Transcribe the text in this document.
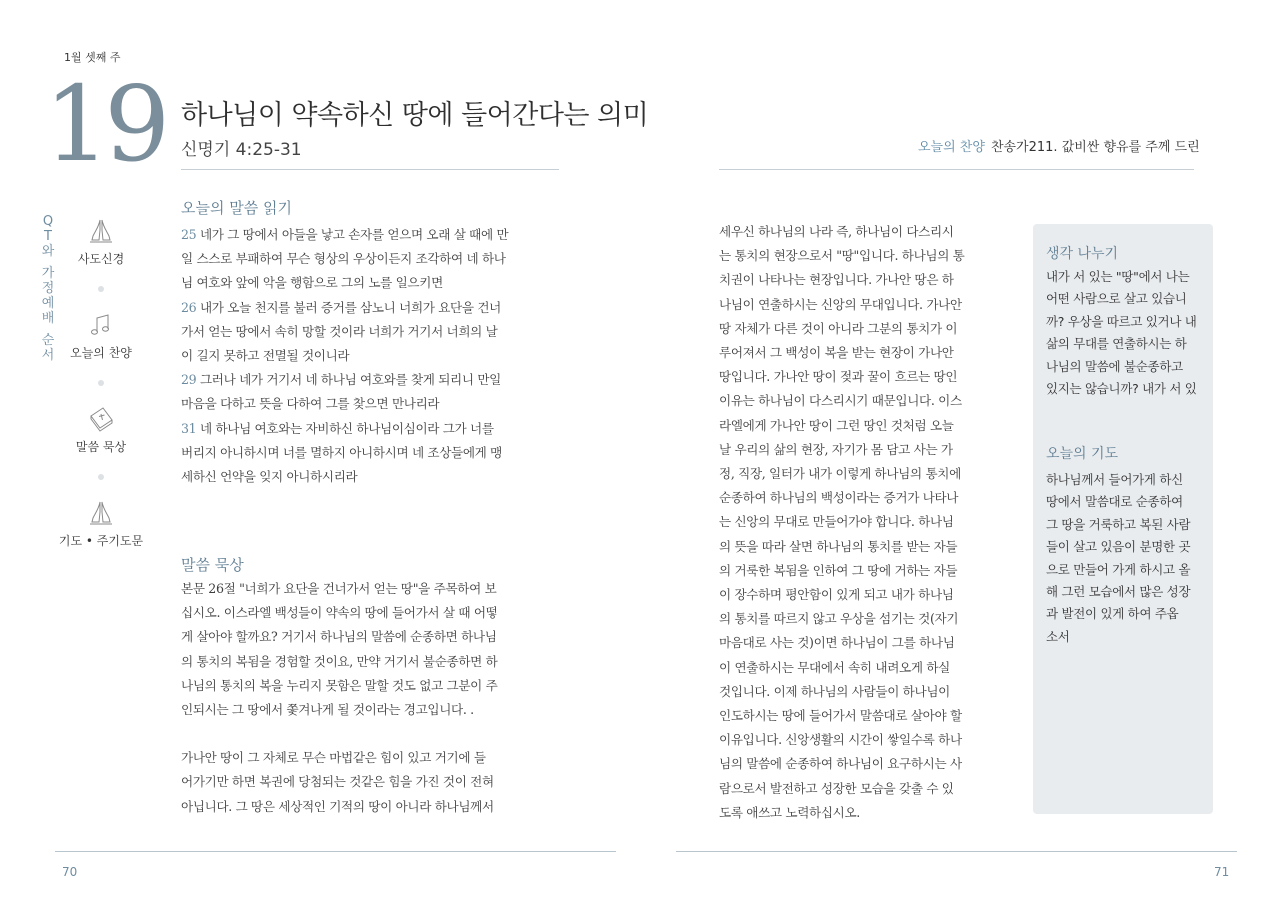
1월 셋째 주
19 하나님이 약속하신 땅에 들어간다는 의미
신명기 4:25-31
Q
T
와
가
정
예
배
순
서
사도신경
오늘의 찬양
말씀 묵상
기도 • 주기도문
오늘의 말씀 읽기

25 네가 그 땅에서 아들을 낳고 손자를 얻으며 오래 살 때에 만

일 스스로 부패하여 무슨 형상의 우상이든지 조각하여 네 하나

님 여호와 앞에 악을 행함으로 그의 노를 일으키면

26 내가 오늘 천지를 불러 증거를 삼노니 너희가 요단을 건너

가서 얻는 땅에서 속히 망할 것이라 너희가 거기서 너희의 날

이 길지 못하고 전멸될 것이니라

29 그러나 네가 거기서 네 하나님 여호와를 찾게 되리니 만일

마음을 다하고 뜻을 다하여 그를 찾으면 만나리라

31 네 하나님 여호와는 자비하신 하나님이심이라 그가 너를

버리지 아니하시며 너를 멸하지 아니하시며 네 조상들에게 맹

세하신 언약을 잊지 아니하시리라

말씀 묵상

본문 26절 "너희가 요단을 건너가서 얻는 땅"을 주목하여 보

십시오. 이스라엘 백성들이 약속의 땅에 들어가서 살 때 어떻

게 살아야 할까요? 거기서 하나님의 말씀에 순종하면 하나님

의 통치의 복됨을 경험할 것이요, 만약 거기서 불순종하면 하

나님의 통치의 복을 누리지 못함은 말할 것도 없고 그분이 주

인되시는 그 땅에서 쫓겨나게 될 것이라는 경고입니다. .

가나안 땅이 그 자체로 무슨 마법같은 힘이 있고 거기에 들

어가기만 하면 복권에 당첨되는 것같은 힘을 가진 것이 전혀

아닙니다. 그 땅은 세상적인 기적의 땅이 아니라 하나님께서

70
오늘의 찬양 찬송가211. 값비싼 향유를 주께 드린

세우신 하나님의 나라 즉, 하나님이 다스리시

는 통치의 현장으로서 "땅"입니다. 하나님의 통

치권이 나타나는 현장입니다. 가나안 땅은 하

나님이 연출하시는 신앙의 무대입니다. 가나안

땅 자체가 다른 것이 아니라 그분의 통치가 이

루어져서 그 백성이 복을 받는 현장이 가나안

땅입니다. 가나안 땅이 젖과 꿀이 흐르는 땅인

이유는 하나님이 다스리시기 때문입니다. 이스

라엘에게 가나안 땅이 그런 땅인 것처럼 오늘

날 우리의 삶의 현장, 자기가 몸 담고 사는 가

정, 직장, 일터가 내가 이렇게 하나님의 통치에

순종하여 하나님의 백성이라는 증거가 나타나

는 신앙의 무대로 만들어가야 합니다. 하나님

의 뜻을 따라 살면 하나님의 통치를 받는 자들

의 거룩한 복됨을 인하여 그 땅에 거하는 자들

이 장수하며 평안함이 있게 되고 내가 하나님

의 통치를 따르지 않고 우상을 섬기는 것(자기

마음대로 사는 것)이면 하나님이 그를 하나님

이 연출하시는 무대에서 속히 내려오게 하실

것입니다. 이제 하나님의 사람들이 하나님이

인도하시는 땅에 들어가서 말씀대로 살아야 할

이유입니다. 신앙생활의 시간이 쌓일수록 하나

님의 말씀에 순종하여 하나님이 요구하시는 사

람으로서 발전하고 성장한 모습을 갖출 수 있

도록 애쓰고 노력하십시오.

생각 나누기

내가 서 있는 "땅"에서 나는

어떤 사람으로 살고 있습니

까? 우상을 따르고 있거나 내

삶의 무대를 연출하시는 하

나님의 말씀에 불순종하고

있지는 않습니까? 내가 서 있

오늘의 기도

하나님께서 들어가게 하신

땅에서 말씀대로 순종하여

그 땅을 거룩하고 복된 사람

들이 살고 있음이 분명한 곳

으로 만들어 가게 하시고 올

해 그런 모습에서 많은 성장

과 발전이 있게 하여 주옵

소서

71
